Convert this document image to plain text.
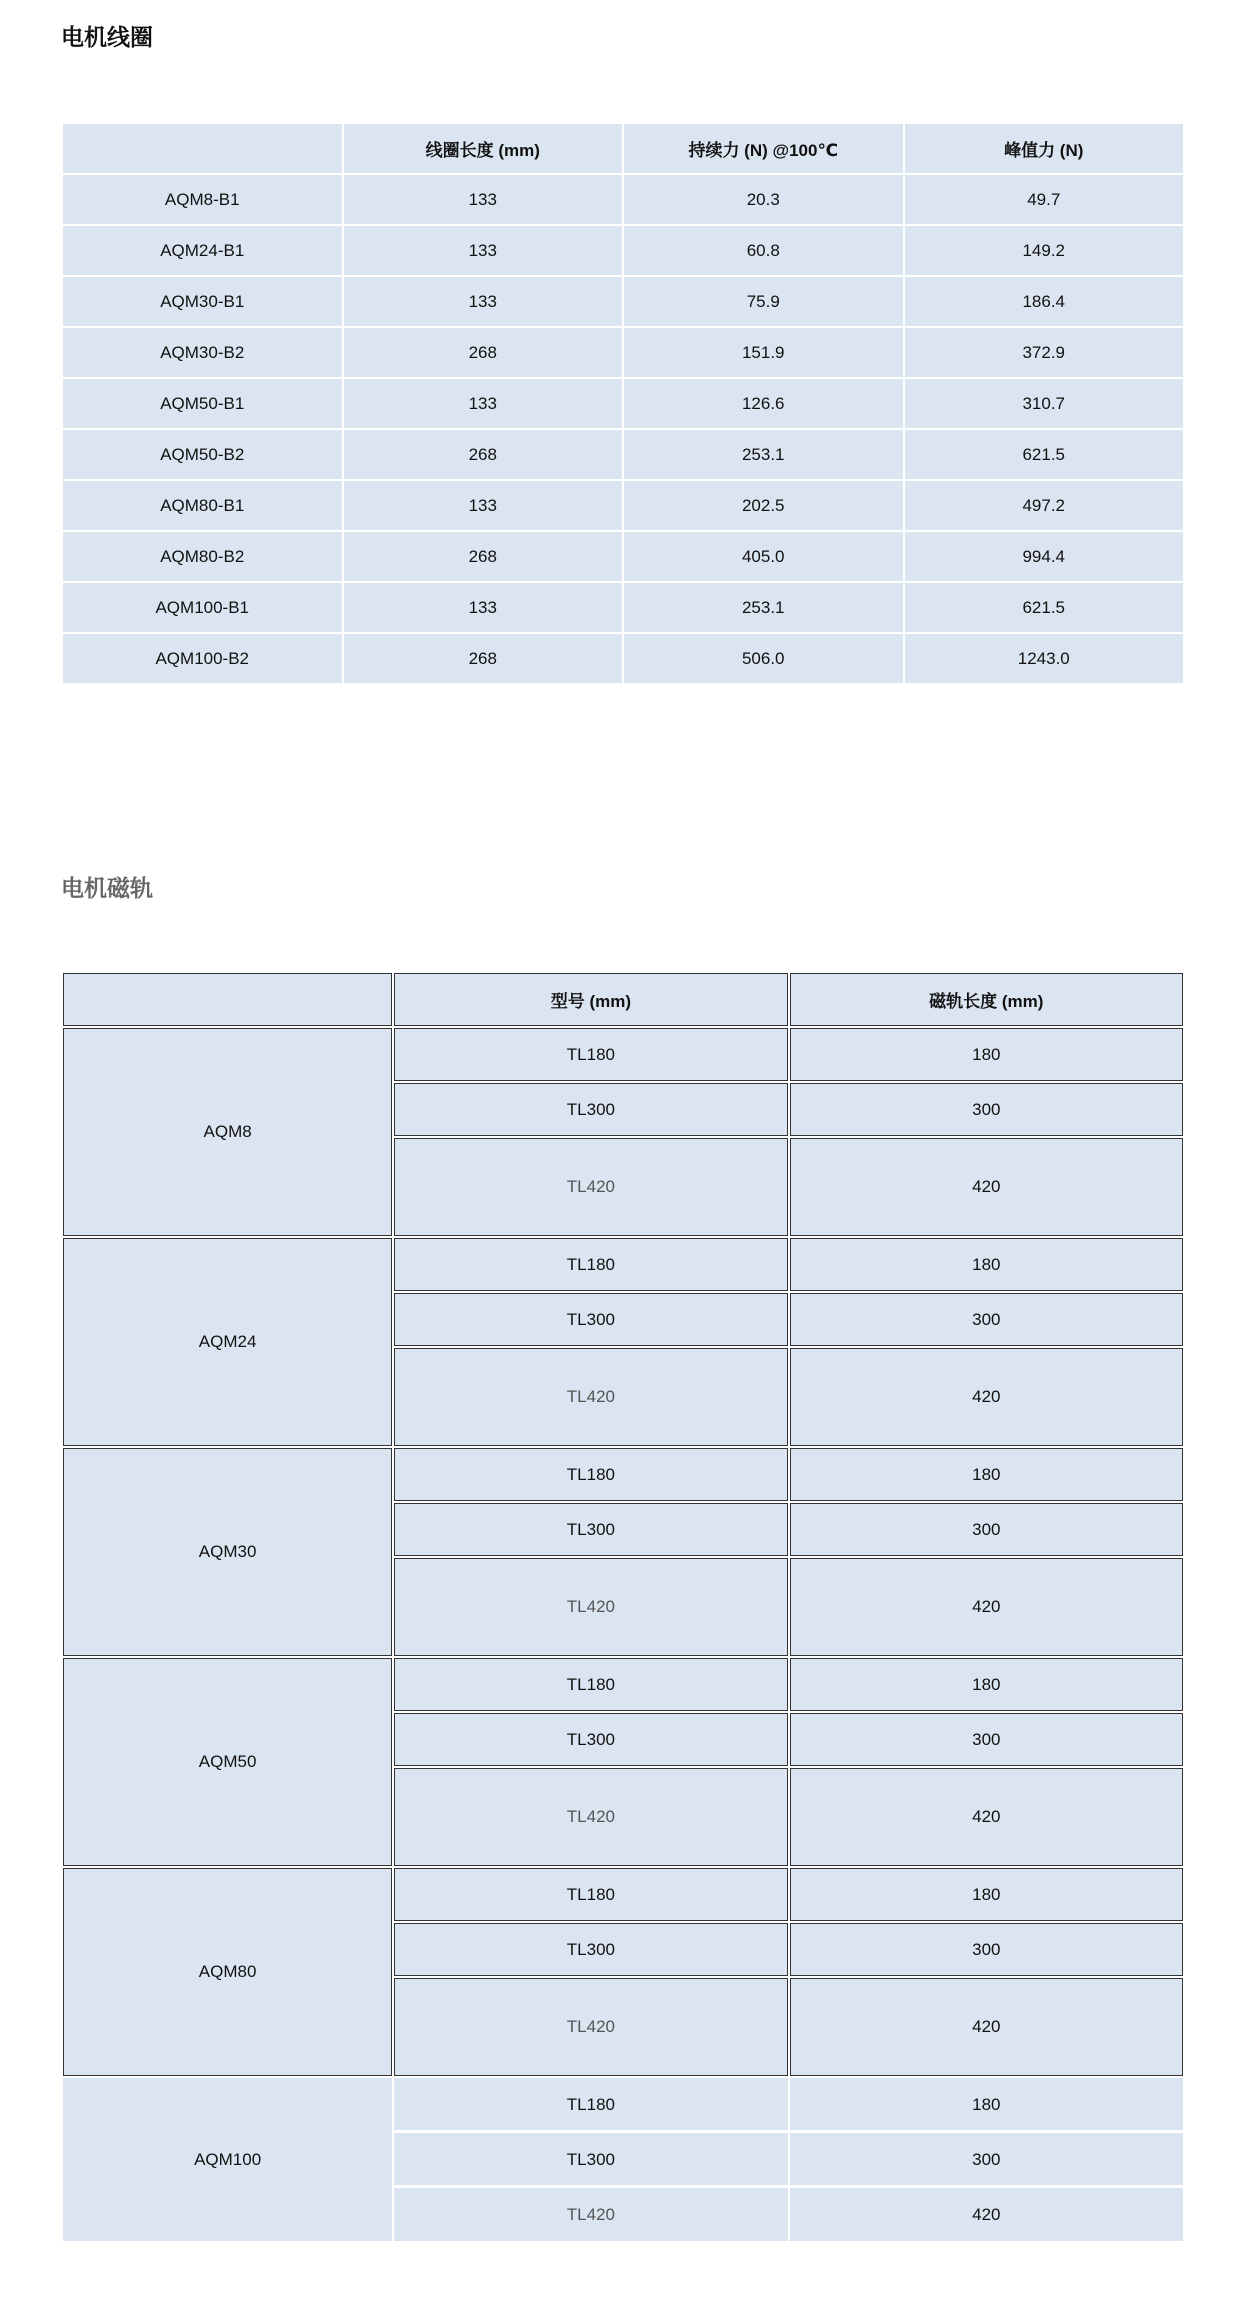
电机线圈
	线圈长度 (mm)	持续力 (N) @100℃	峰值力 (N)
AQM8-B1	133	20.3	49.7
AQM24-B1	133	60.8	149.2
AQM30-B1	133	75.9	186.4
AQM30-B2	268	151.9	372.9
AQM50-B1	133	126.6	310.7
AQM50-B2	268	253.1	621.5
AQM80-B1	133	202.5	497.2
AQM80-B2	268	405.0	994.4
AQM100-B1	133	253.1	621.5
AQM100-B2	268	506.0	1243.0
电机磁轨
	型号 (mm)	磁轨长度 (mm)
AQM8	TL180	180
	TL300	300
	TL420	420
AQM24	TL180	180
	TL300	300
	TL420	420
AQM30	TL180	180
	TL300	300
	TL420	420
AQM50	TL180	180
	TL300	300
	TL420	420
AQM80	TL180	180
	TL300	300
	TL420	420
AQM100	TL180	180
	TL300	300
	TL420	420
